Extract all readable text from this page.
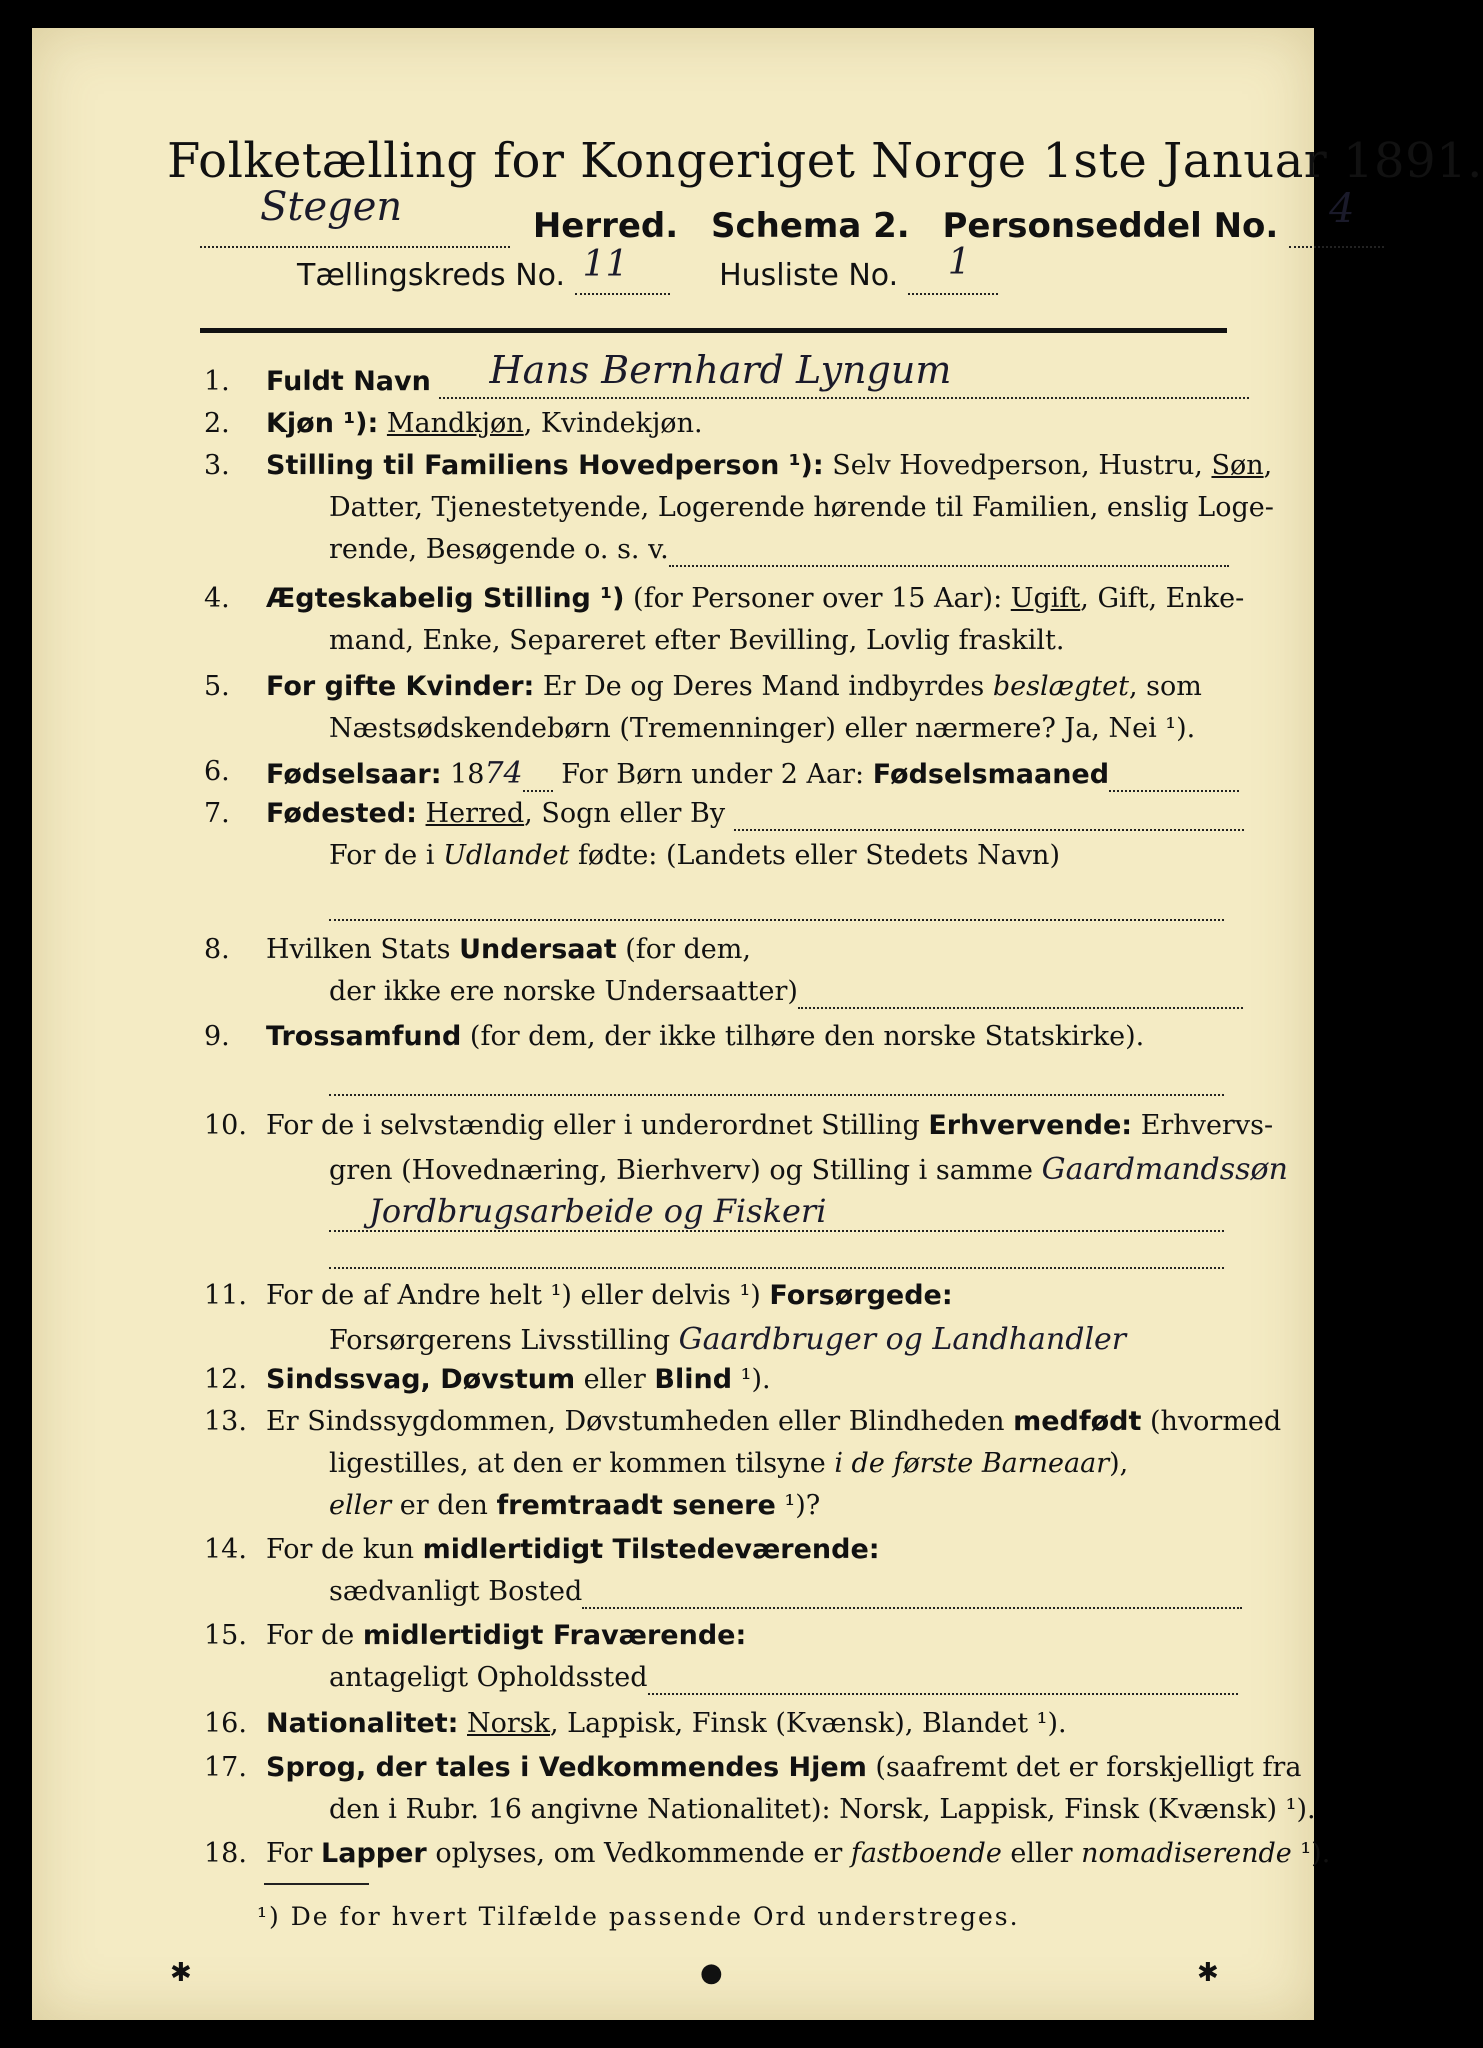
Folketælling for Kongeriget Norge 1ste Januar 1891.
Stegen	Herred. Schema 2. Personseddel No. 4

Tællingskreds No. 11	Husliste No. 1

1.	Fuldt Navn Hans Bernhard Lyngum

2.	Kjøn ¹): Mandkjøn, Kvindekjøn.
3.	Stilling til Familiens Hovedperson ¹): Selv Hovedperson, Hustru, Søn,
Datter, Tjenestetyende, Logerende hørende til Familien, enslig Loge-
rende, Besøgende o. s. v.
4.	Ægteskabelig Stilling ¹) (for Personer over 15 Aar): Ugift, Gift, Enke-
mand, Enke, Separeret efter Bevilling, Lovlig fraskilt.
5.	For gifte Kvinder: Er De og Deres Mand indbyrdes beslægtet, som
Næstsødskendebørn (Tremenninger) eller nærmere? Ja, Nei ¹).
6.	Fødselsaar: 1874  For Børn under 2 Aar: Fødselsmaaned
7.	Fødested: Herred, Sogn eller By
For de i Udlandet fødte: (Landets eller Stedets Navn)

8.	Hvilken Stats Undersaat (for dem,
der ikke ere norske Undersaatter)
9.	Trossamfund (for dem, der ikke tilhøre den norske Statskirke).

10. For de i selvstændig eller i underordnet Stilling Erhvervende: Erhvervs-
gren (Hovednæring, Bierhverv) og Stilling i samme Gaardmandssøn
Jordbrugsarbeide og Fiskeri

11. For de af Andre helt ¹) eller delvis ¹) Forsørgede:
Forsørgerens Livsstilling Gaardbruger og Landhandler
12. Sindssvag, Døvstum eller Blind ¹).
13. Er Sindssygdommen, Døvstumheden eller Blindheden medfødt (hvormed
ligestilles, at den er kommen tilsyne i de første Barneaar),
eller er den fremtraadt senere ¹)?
14. For de kun midlertidigt Tilstedeværende:
sædvanligt Bosted
15. For de midlertidigt Fraværende:
antageligt Opholdssted
16. Nationalitet: Norsk, Lappisk, Finsk (Kvænsk), Blandet ¹).
17. Sprog, der tales i Vedkommendes Hjem (saafremt det er forskjelligt fra
den i Rubr. 16 angivne Nationalitet): Norsk, Lappisk, Finsk (Kvænsk) ¹).
18. For Lapper oplyses, om Vedkommende er fastboende eller nomadiserende ¹).
¹) De for hvert Tilfælde passende Ord understreges.
✱	●	✱
